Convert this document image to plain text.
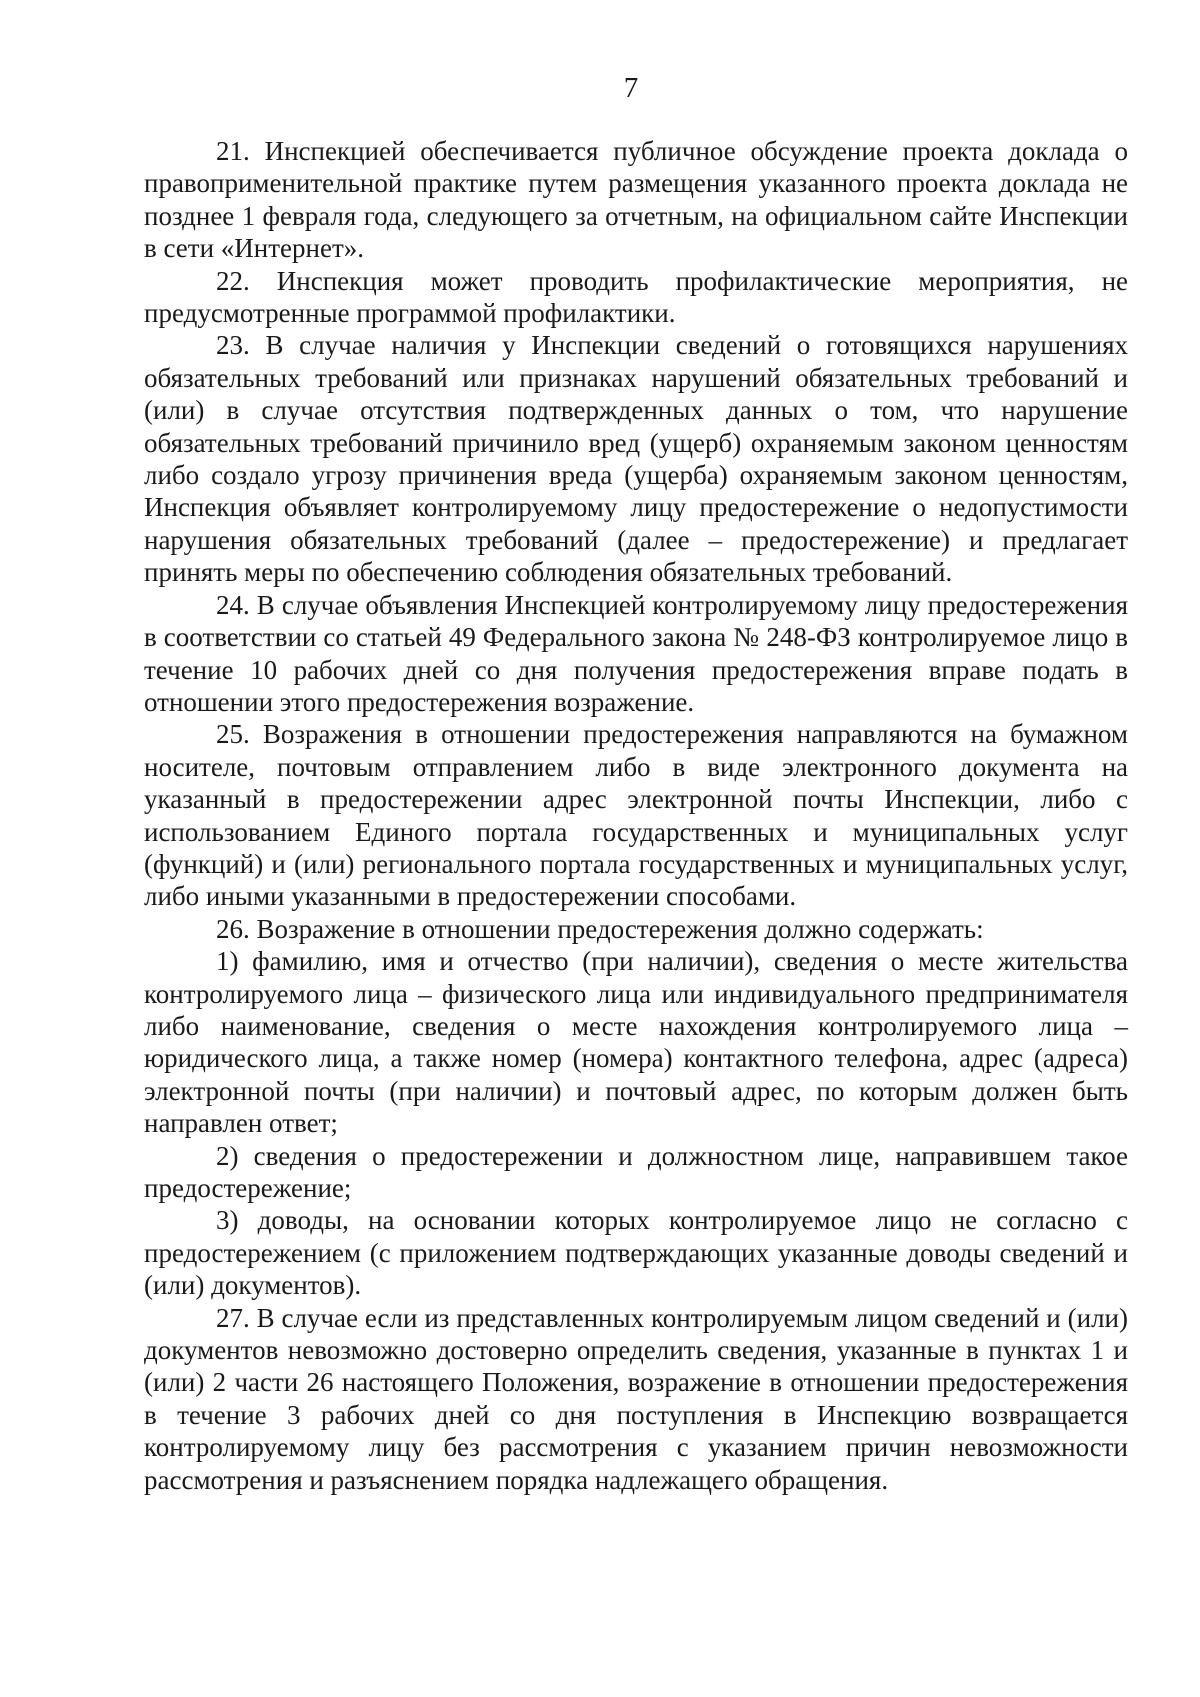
7

21. Инспекцией обеспечивается публичное обсуждение проекта доклада о правоприменительной практике путем размещения указанного проекта доклада не позднее 1 февраля года, следующего за отчетным, на официальном сайте Инспекции в сети «Интернет».

22. Инспекция может проводить профилактические мероприятия, не предусмотренные программой профилактики.

23. В случае наличия у Инспекции сведений о готовящихся нарушениях обязательных требований или признаках нарушений обязательных требований и (или) в случае отсутствия подтвержденных данных о том, что нарушение обязательных требований причинило вред (ущерб) охраняемым законом ценностям либо создало угрозу причинения вреда (ущерба) охраняемым законом ценностям, Инспекция объявляет контролируемому лицу предостережение о недопустимости нарушения обязательных требований (далее – предостережение) и предлагает принять меры по обеспечению соблюдения обязательных требований.

24. В случае объявления Инспекцией контролируемому лицу предостережения в соответствии со статьей 49 Федерального закона № 248-ФЗ контролируемое лицо в течение 10 рабочих дней со дня получения предостережения вправе подать в отношении этого предостережения возражение.

25. Возражения в отношении предостережения направляются на бумажном носителе, почтовым отправлением либо в виде электронного документа на указанный в предостережении адрес электронной почты Инспекции, либо с использованием Единого портала государственных и муниципальных услуг (функций) и (или) регионального портала государственных и муниципальных услуг, либо иными указанными в предостережении способами.

26. Возражение в отношении предостережения должно содержать:

1) фамилию, имя и отчество (при наличии), сведения о месте жительства контролируемого лица – физического лица или индивидуального предпринимателя либо наименование, сведения о месте нахождения контролируемого лица – юридического лица, а также номер (номера) контактного телефона, адрес (адреса) электронной почты (при наличии) и почтовый адрес, по которым должен быть направлен ответ;

2) сведения о предостережении и должностном лице, направившем такое предостережение;

3) доводы, на основании которых контролируемое лицо не согласно с предостережением (с приложением подтверждающих указанные доводы сведений и (или) документов).

27. В случае если из представленных контролируемым лицом сведений и (или) документов невозможно достоверно определить сведения, указанные в пунктах 1 и (или) 2 части 26 настоящего Положения, возражение в отношении предостережения в течение 3 рабочих дней со дня поступления в Инспекцию возвращается контролируемому лицу без рассмотрения с указанием причин невозможности рассмотрения и разъяснением порядка надлежащего обращения.
